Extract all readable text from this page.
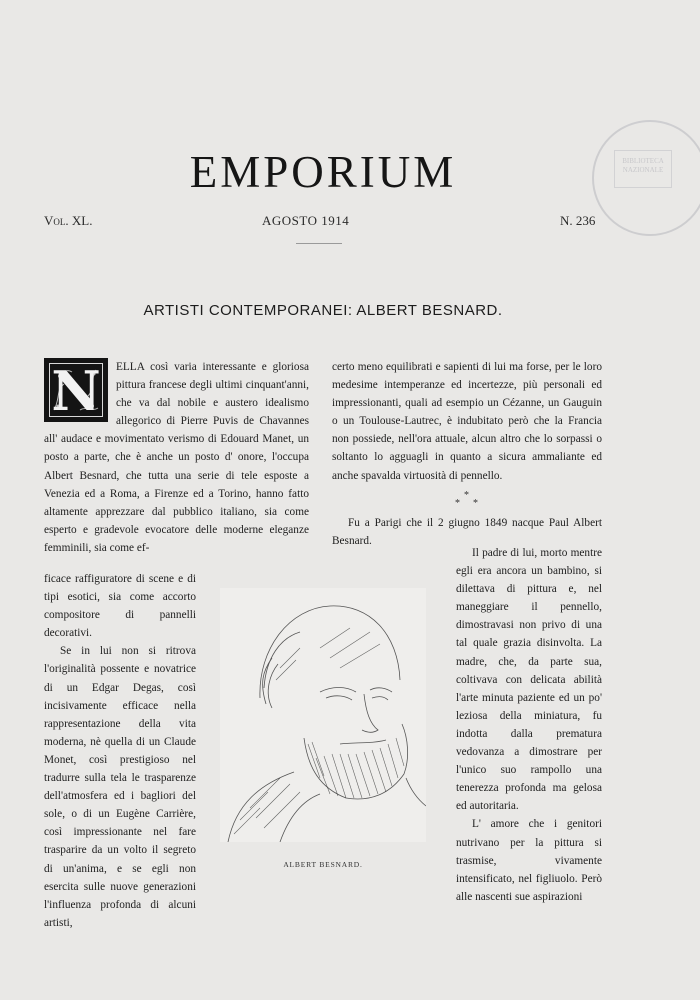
BIBLIOTECA NAZIONALE
EMPORIUM
Vol. XL.	AGOSTO 1914	N. 236
ARTISTI CONTEMPORANEI: ALBERT BESNARD.
N	ELLA così varia interessante e gloriosa pittura francese degli ultimi cinquant'anni, che va dal nobile e austero idealismo allegorico di Pierre Puvis de Chavannes all' audace e movimentato verismo di Edouard Manet, un posto a parte, che è anche un posto d' onore, l'occupa Albert Besnard, che tutta una serie di tele esposte a Venezia ed a Roma, a Firenze ed a Torino, hanno fatto altamente apprezzare dal pubblico italiano, sia come esperto e gradevole evocatore delle moderne eleganze femminili, sia come ef-

ficace raffiguratore di scene e di tipi esotici, sia come accorto compositore di pannelli decorativi.

Se in lui non si ritrova l'originalità possente e novatrice di un Edgar Degas, così incisivamente efficace nella rappresentazione della vita moderna, nè quella di un Claude Monet, così prestigioso nel tradurre sulla tela le trasparenze dell'atmosfera ed i bagliori del sole, o di un Eugène Carrière, così impressionante nel fare trasparire da un volto il segreto di un'anima, e se egli non esercita sulle nuove generazioni l'influenza profonda di alcuni artisti,

ALBERT BESNARD.

certo meno equilibrati e sapienti di lui ma forse, per le loro medesime intemperanze ed incertezze, più personali ed impressionanti, quali ad esempio un Cézanne, un Gauguin o un Toulouse-Lautrec, è indubitato però che la Francia non possiede, nell'ora attuale, alcun altro che lo sorpassi o soltanto lo agguagli in quanto a sicura ammaliante ed anche spavalda virtuosità di pennello.

*
* *

Fu a Parigi che il 2 giugno 1849 nacque Paul Albert Besnard.

Il padre di lui, morto mentre egli era ancora un bambino, si dilettava di pittura e, nel maneggiare il pennello, dimostravasi non privo di una tal quale grazia disinvolta. La madre, che, da parte sua, coltivava con delicata abilità l'arte minuta paziente ed un po' leziosa della miniatura, fu indotta dalla prematura vedovanza a dimostrare per l'unico suo rampollo una tenerezza profonda ma gelosa ed autoritaria.

L' amore che i genitori nutrivano per la pittura si trasmise, vivamente intensificato, nel figliuolo. Però alle nascenti sue aspirazioni
